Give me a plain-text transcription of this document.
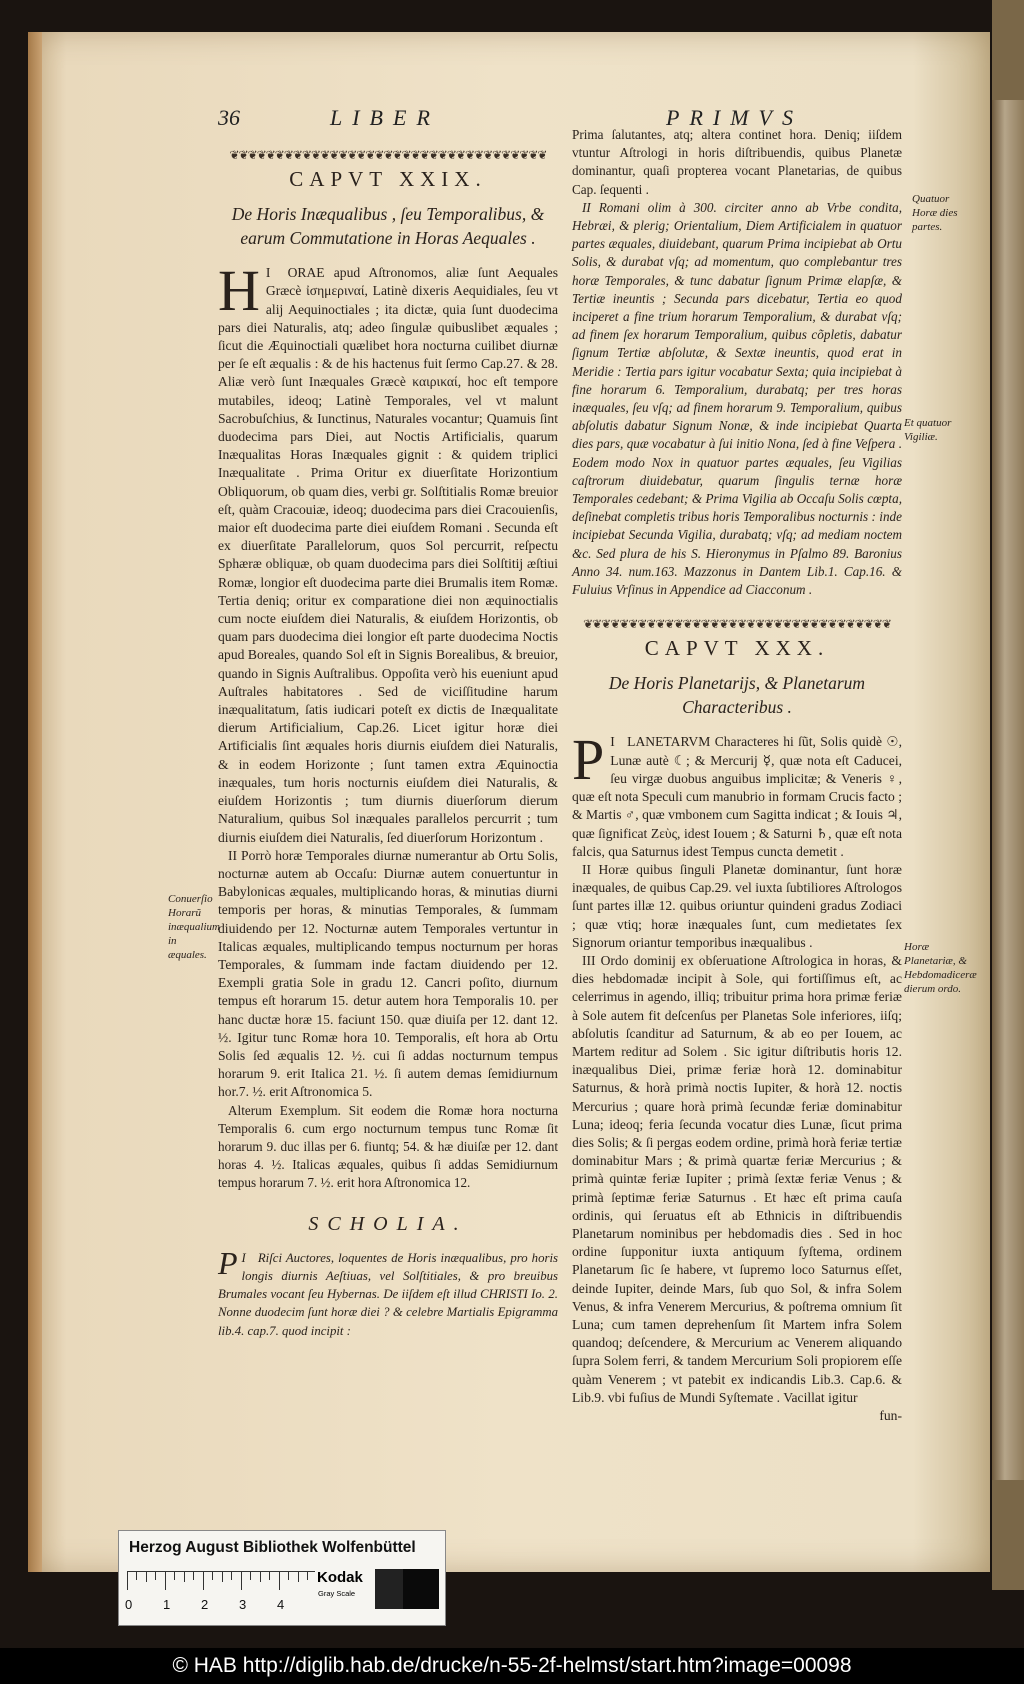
36	LIBER	PRIMVS
❦❦❦❦❦❦❦❦❦❦❦❦❦❦❦❦❦❦❦❦❦❦❦❦❦❦❦❦❦❦❦❦❦❦❦
CAPVT XXIX.
De Horis Inæqualibus , ſeu Temporalibus, & earum Commutatione in Horas Aequales .

I
H ORAE apud Aſtronomos, aliæ ſunt Aequales Græcè ἰσημεριναί, Latinè dixeris Aequidiales, ſeu vt alij Aequinoctiales ; ita dictæ, quia ſunt duodecima pars diei Naturalis, atq; adeo ſingulæ quibuslibet æquales ; ſicut die Æquinoctiali quælibet hora nocturna cuilibet diurnæ per ſe eſt æqualis : & de his hactenus fuit ſermo Cap.27. & 28. Aliæ verò ſunt Inæquales Græcè καιρικαί, hoc eſt tempore mutabiles, ideoq; Latinè Temporales, vel vt malunt Sacrobuſchius, & Iunctinus, Naturales vocantur; Quamuis ſint duodecima pars Diei, aut Noctis Artificialis, quarum Inæqualitas Horas Inæquales gignit : & quidem triplici Inæqualitate . Prima Oritur ex diuerſitate Horizontium Obliquorum, ob quam dies, verbi gr. Solſtitialis Romæ breuior eſt, quàm Cracouiæ, ideoq; duodecima pars diei Cracouienſis, maior eſt duodecima parte diei eiuſdem Romani . Secunda eſt ex diuerſitate Parallelorum, quos Sol percurrit, reſpectu Sphæræ obliquæ, ob quam duodecima pars diei Solſtitij æſtiui Romæ, longior eſt duodecima parte diei Brumalis item Romæ. Tertia deniq; oritur ex comparatione diei non æquinoctialis cum nocte eiuſdem diei Naturalis, & eiuſdem Horizontis, ob quam pars duodecima diei longior eſt parte duodecima Noctis apud Boreales, quando Sol eſt in Signis Borealibus, & breuior, quando in Signis Auſtralibus. Oppoſita verò his eueniunt apud Auſtrales habitatores . Sed de viciſſitudine harum inæqualitatum, ſatis iudicari poteſt ex dictis de Inæqualitate dierum Artificialium, Cap.26. Licet igitur horæ diei Artificialis ſint æquales horis diurnis eiuſdem diei Naturalis, & in eodem Horizonte ; ſunt tamen extra Æquinoctia inæquales, tum horis nocturnis eiuſdem diei Naturalis, & eiuſdem Horizontis ; tum diurnis diuerſorum dierum Naturalium, quibus Sol inæquales parallelos percurrit ; tum diurnis eiuſdem diei Naturalis, ſed diuerſorum Horizontum .

II Porrò horæ Temporales diurnæ numerantur ab Ortu Solis, nocturnæ autem ab Occaſu: Diurnæ autem conuertuntur in Babylonicas æquales, multiplicando horas, & minutias diurni temporis per horas, & minutias Temporales, & ſummam diuidendo per 12. Nocturnæ autem Temporales vertuntur in Italicas æquales, multiplicando tempus nocturnum per horas Temporales, & ſummam inde factam diuidendo per 12. Exempli gratia Sole in gradu 12. Cancri poſito, diurnum tempus eſt horarum 15. detur autem hora Temporalis 10. per hanc ductæ horæ 15. faciunt 150. quæ diuiſa per 12. dant 12. ½. Igitur tunc Romæ hora 10. Temporalis, eſt hora ab Ortu Solis ſed æqualis 12. ½. cui ſi addas nocturnum tempus horarum 9. erit Italica 21. ½. ſi autem demas ſemidiurnum hor.7. ½. erit Aſtronomica 5.

Alterum Exemplum. Sit eodem die Romæ hora nocturna Temporalis 6. cum ergo nocturnum tempus tunc Romæ ſit horarum 9. duc illas per 6. fiuntq; 54. & hæ diuiſæ per 12. dant horas 4. ½. Italicas æquales, quibus ſi addas Semidiurnum tempus horarum 7. ½. erit hora Aſtronomica 12.

SCHOLIA.

I
P Riſci Auctores, loquentes de Horis inæqualibus, pro horis longis diurnis Aeſtiuas, vel Solſtitiales, & pro breuibus Brumales vocant ſeu Hybernas. De iiſdem eſt illud CHRISTI Io. 2. Nonne duodecim ſunt horæ diei ? & celebre Martialis Epigramma lib.4. cap.7. quod incipit :

Conuerſio Horarũ inæqualium in æquales.

Prima ſalutantes, atq; altera continet hora. Deniq; iiſdem vtuntur Aſtrologi in horis diſtribuendis, quibus Planetæ dominantur, quaſi propterea vocant Planetarias, de quibus Cap. ſequenti .

II Romani olim à 300. circiter anno ab Vrbe condita, Hebræi, & plerig; Orientalium, Diem Artificialem in quatuor partes æquales, diuidebant, quarum Prima incipiebat ab Ortu Solis, & durabat vſq; ad momentum, quo complebantur tres horæ Temporales, & tunc dabatur ſignum Primæ elapſæ, & Tertiæ ineuntis ; Secunda pars dicebatur, Tertia eo quod inciperet a fine trium horarum Temporalium, & durabat vſq; ad finem ſex horarum Temporalium, quibus cõpletis, dabatur ſignum Tertiæ abſolutæ, & Sextæ ineuntis, quod erat in Meridie : Tertia pars igitur vocabatur Sexta; quia incipiebat à fine horarum 6. Temporalium, durabatq; per tres horas inæquales, ſeu vſq; ad finem horarum 9. Temporalium, quibus abſolutis dabatur Signum Nonæ, & inde incipiebat Quarta dies pars, quæ vocabatur à ſui initio Nona, ſed à fine Veſpera . Eodem modo Nox in quatuor partes æquales, ſeu Vigilias caſtrorum diuidebatur, quarum ſingulis ternæ horæ Temporales cedebant; & Prima Vigilia ab Occaſu Solis cœpta, deſinebat completis tribus horis Temporalibus nocturnis : inde incipiebat Secunda Vigilia, durabatq; vſq; ad mediam noctem &c. Sed plura de his S. Hieronymus in Pſalmo 89. Baronius Anno 34. num.163. Mazzonus in Dantem Lib.1. Cap.16. & Fuluius Vrſinus in Appendice ad Ciacconum .

❦❦❦❦❦❦❦❦❦❦❦❦❦❦❦❦❦❦❦❦❦❦❦❦❦❦❦❦❦❦❦❦❦❦
CAPVT XXX.
De Horis Planetarijs, & Planetarum Characteribus .

I
P LANETARVM Characteres hi ſũt, Solis quidè ☉, Lunæ autè ☾; & Mercurij ☿, quæ nota eſt Caducei, ſeu virgæ duobus anguibus implicitæ; & Veneris ♀, quæ eſt nota Speculi cum manubrio in formam Crucis facto ; & Martis ♂, quæ vmbonem cum Sagitta indicat ; & Iouis ♃, quæ ſignificat Ζεὺς, idest Iouem ; & Saturni ♄, quæ eſt nota falcis, qua Saturnus idest Tempus cuncta demetit .

II Horæ quibus ſinguli Planetæ dominantur, ſunt horæ inæquales, de quibus Cap.29. vel iuxta ſubtiliores Aſtrologos ſunt partes illæ 12. quibus oriuntur quindeni gradus Zodiaci ; quæ vtiq; horæ inæquales ſunt, cum medietates ſex Signorum oriantur temporibus inæqualibus .

III Ordo dominij ex obſeruatione Aſtrologica in horas, & dies hebdomadæ incipit à Sole, qui fortiſſimus eſt, ac celerrimus in agendo, illiq; tribuitur prima hora primæ feriæ à Sole autem fit deſcenſus per Planetas Sole inferiores, iiſq; abſolutis ſcanditur ad Saturnum, & ab eo per Iouem, ac Martem reditur ad Solem . Sic igitur diſtributis horis 12. inæqualibus Diei, primæ feriæ horà 12. dominabitur Saturnus, & horà primà noctis Iupiter, & horà 12. noctis Mercurius ; quare horà primà ſecundæ feriæ dominabitur Luna; ideoq; feria ſecunda vocatur dies Lunæ, ſicut prima dies Solis; & ſi pergas eodem ordine, primà horà feriæ tertiæ dominabitur Mars ; & primà quartæ feriæ Mercurius ; & primà quintæ feriæ Iupiter ; primà ſextæ feriæ Venus ; & primà ſeptimæ feriæ Saturnus . Et hæc eſt prima cauſa ordinis, qui ſeruatus eſt ab Ethnicis in diſtribuendis Planetarum nominibus per hebdomadis dies . Sed in hoc ordine ſupponitur iuxta antiquum ſyſtema, ordinem Planetarum ſic ſe habere, vt ſupremo loco Saturnus eſſet, deinde Iupiter, deinde Mars, ſub quo Sol, & infra Solem Venus, & infra Venerem Mercurius, & poſtrema omnium ſit Luna; cum tamen deprehenſum ſit Martem infra Solem quandoq; deſcendere, & Mercurium ac Venerem aliquando ſupra Solem ferri, & tandem Mercurium Soli propiorem eſſe quàm Venerem ; vt patebit ex indicandis Lib.3. Cap.6. & Lib.9. vbi fuſius de Mundi Syſtemate . Vacillat igitur

fun-

Quatuor Horæ dies partes.
Et quatuor Vigiliæ.
Horæ Planetariæ, & Hebdomadiceræ dierum ordo.
Herzog August Bibliothek Wolfenbüttel
0 1 2 3 4
Kodak
Gray Scale
© HAB http://diglib.hab.de/drucke/n-55-2f-helmst/start.htm?image=00098
